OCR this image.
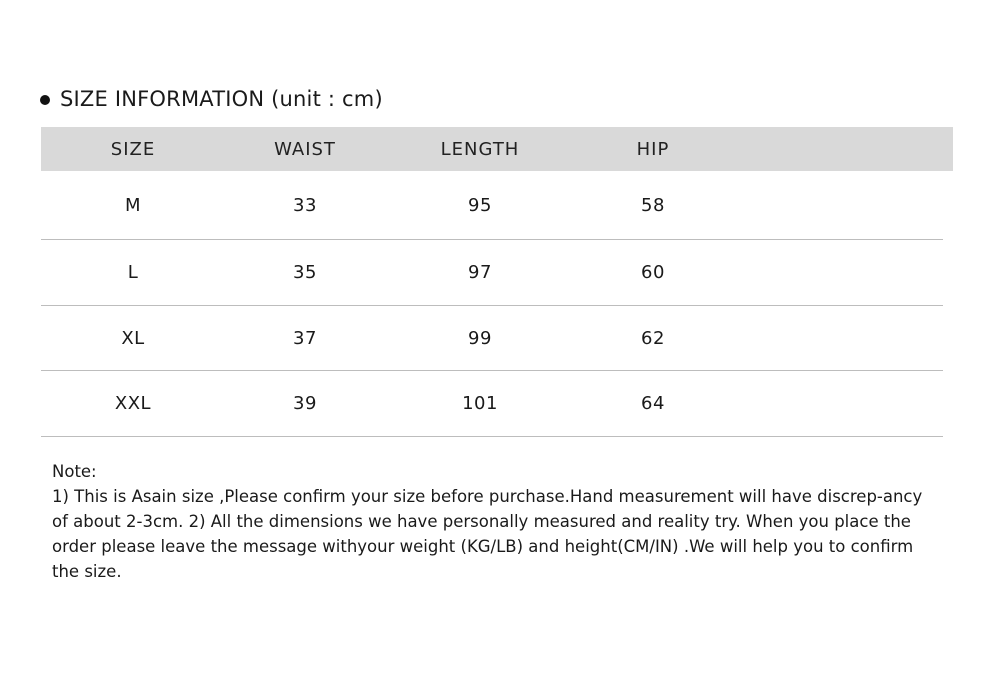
SIZE INFORMATION (unit : cm)
SIZE	WAIST	LENGTH	HIP
M	33	95	58
L	35	97	60
XL	37	99	62
XXL	39	101	64

Note:

1) This is Asain size ,Please confirm your size before purchase.Hand measurement will have discrep-ancy of about 2-3cm. 2) All the dimensions we have personally measured and reality try. When you place the order please leave the message withyour weight (KG/LB) and height(CM/IN) .We will help you to confirm the size.
